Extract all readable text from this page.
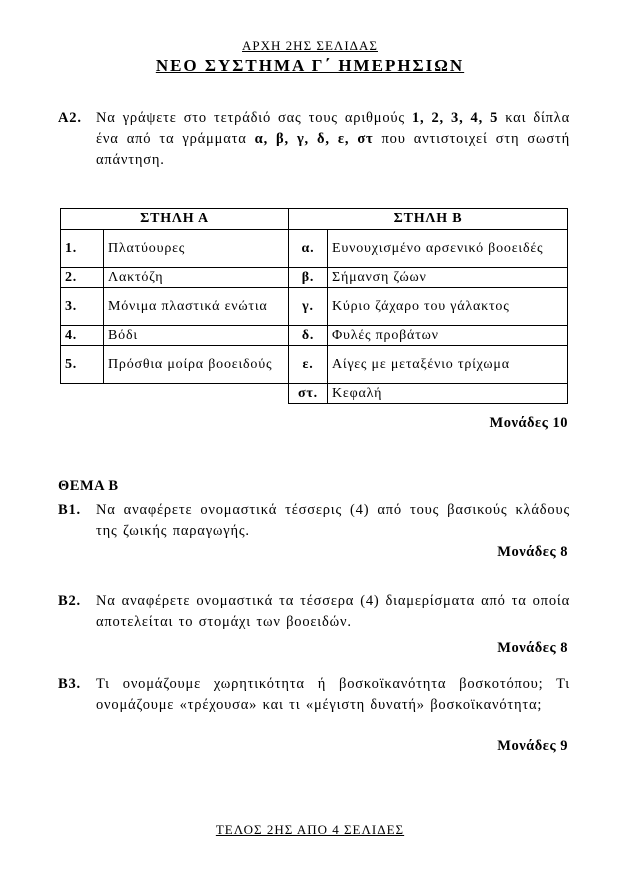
ΑΡΧΗ 2ΗΣ ΣΕΛΙΔΑΣ
ΝΕΟ ΣΥΣΤΗΜΑ Γ΄ ΗΜΕΡΗΣΙΩΝ
Α2. Να γράψετε στο τετράδιό σας τους αριθμούς 1, 2, 3, 4, 5 και δίπλα ένα από τα γράμματα α, β, γ, δ, ε, στ που αντιστοιχεί στη σωστή απάντηση.
ΣΤΗΛΗ Α		ΣΤΗΛΗ Β	
1.	Πλατύουρες	α.	Ευνουχισμένο αρσενικό βοοειδές
2.	Λακτόζη	β.	Σήμανση ζώων
3.	Μόνιμα πλαστικά ενώτια	γ.	Κύριο ζάχαρο του γάλακτος
4.	Βόδι	δ.	Φυλές προβάτων
5.	Πρόσθια μοίρα βοοειδούς	ε.	Αίγες με μεταξένιο τρίχωμα
		στ.	Κεφαλή
Μονάδες 10
ΘΕΜΑ Β
Β1. Να αναφέρετε ονομαστικά τέσσερις (4) από τους βασικούς κλάδους της ζωικής παραγωγής.
Μονάδες 8
Β2. Να αναφέρετε ονομαστικά τα τέσσερα (4) διαμερίσματα από τα οποία αποτελείται το στομάχι των βοοειδών.
Μονάδες 8
Β3. Τι ονομάζουμε χωρητικότητα ή βοσκοϊκανότητα βοσκοτόπου; Τι ονομάζουμε «τρέχουσα» και τι «μέγιστη δυνατή» βοσκοϊκανότητα;
Μονάδες 9
ΤΕΛΟΣ 2ΗΣ ΑΠΟ 4 ΣΕΛΙΔΕΣ
